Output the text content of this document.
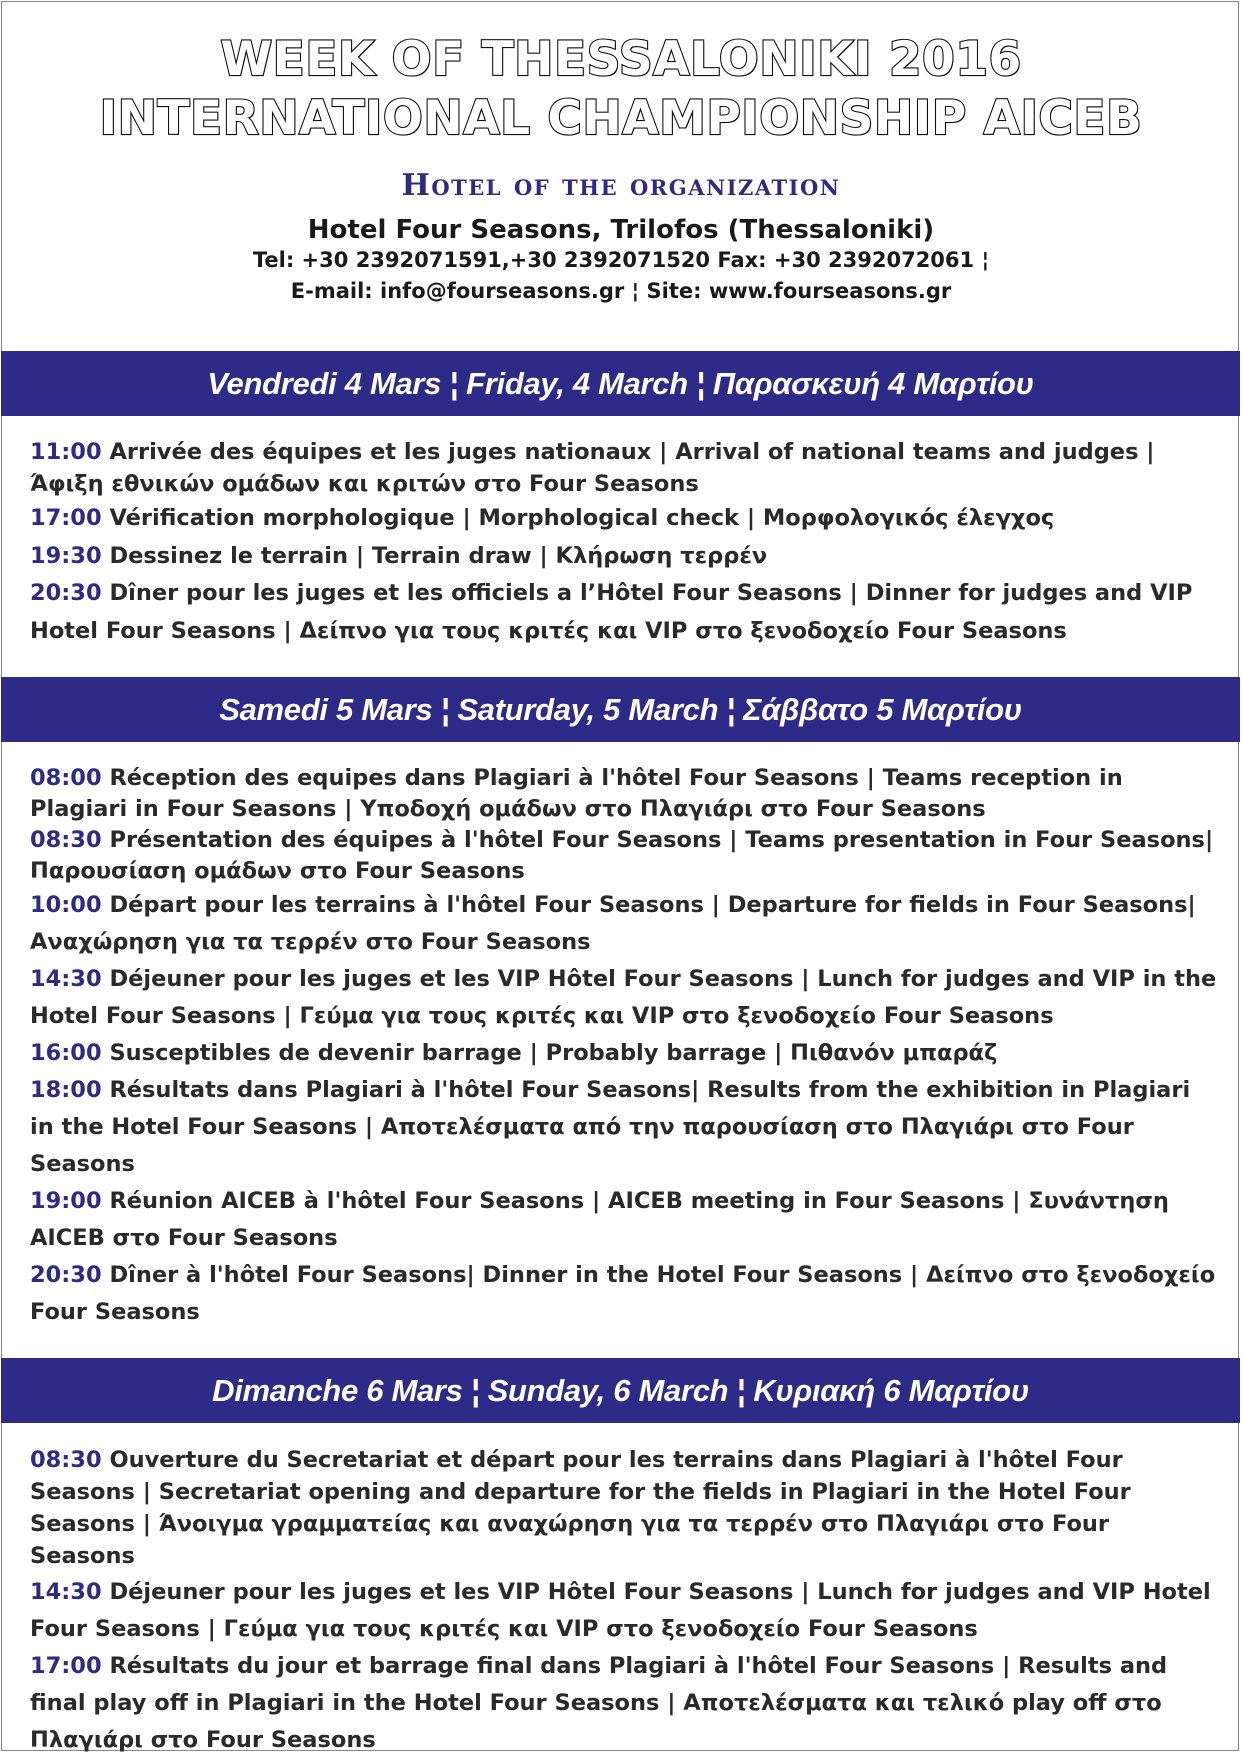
WEEK OF THESSALONIKI 2016
INTERNATIONAL CHAMPIONSHIP AICEB
Hotel of the organization
Hotel Four Seasons, Trilofos (Thessaloniki)
Tel: +30 2392071591,+30 2392071520 Fax: +30 2392072061 ¦
E-mail: info@fourseasons.gr ¦ Site: www.fourseasons.gr
Vendredi 4 Mars ¦ Friday, 4 March ¦ Παρασκευή 4 Μαρτίου
11:00 Arrivée des équipes et les juges nationaux | Arrival of national teams and judges | Άφιξη εθνικών ομάδων και κριτών στο Four Seasons
17:00 Vérification morphologique | Morphological check | Μορφολογικός έλεγχος
19:30 Dessinez le terrain | Terrain draw | Κλήρωση τερρέν
20:30 Dîner pour les juges et les officiels a l’Hôtel Four Seasons | Dinner for judges and VIP Hotel Four Seasons | Δείπνο για τους κριτές και VIP στο ξενοδοχείο Four Seasons
Samedi 5 Mars ¦ Saturday, 5 March ¦ Σάββατο 5 Μαρτίου
08:00 Réception des equipes dans Plagiari à l'hôtel Four Seasons | Teams reception in Plagiari in Four Seasons | Υποδοχή ομάδων στο Πλαγιάρι στο Four Seasons
08:30 Présentation des équipes à l'hôtel Four Seasons | Teams presentation in Four Seasons| Παρουσίαση ομάδων στο Four Seasons
10:00 Départ pour les terrains à l'hôtel Four Seasons | Departure for fields in Four Seasons| Αναχώρηση για τα τερρέν στο Four Seasons
14:30 Déjeuner pour les juges et les VIP Hôtel Four Seasons | Lunch for judges and VIP in the Hotel Four Seasons | Γεύμα για τους κριτές και VIP στο ξενοδοχείο Four Seasons
16:00 Susceptibles de devenir barrage | Probably barrage | Πιθανόν μπαράζ
18:00 Résultats dans Plagiari à l'hôtel Four Seasons| Results from the exhibition in Plagiari in the Hotel Four Seasons | Αποτελέσματα από την παρουσίαση στο Πλαγιάρι στο Four Seasons
19:00 Réunion AICEB à l'hôtel Four Seasons | AICEB meeting in Four Seasons | Συνάντηση AICEB στο Four Seasons
20:30 Dîner à l'hôtel Four Seasons| Dinner in the Hotel Four Seasons | Δείπνο στο ξενοδοχείο Four Seasons
Dimanche 6 Mars ¦ Sunday, 6 March ¦ Κυριακή 6 Μαρτίου
08:30 Ouverture du Secretariat et départ pour les terrains dans Plagiari à l'hôtel Four Seasons | Secretariat opening and departure for the fields in Plagiari in the Hotel Four Seasons | Άνοιγμα γραμματείας και αναχώρηση για τα τερρέν στο Πλαγιάρι στο Four Seasons
14:30 Déjeuner pour les juges et les VIP Hôtel Four Seasons | Lunch for judges and VIP Hotel Four Seasons | Γεύμα για τους κριτές και VIP στο ξενοδοχείο Four Seasons
17:00 Résultats du jour et barrage final dans Plagiari à l'hôtel Four Seasons | Results and final play off in Plagiari in the Hotel Four Seasons | Αποτελέσματα και τελικό play off στο Πλαγιάρι στο Four Seasons
